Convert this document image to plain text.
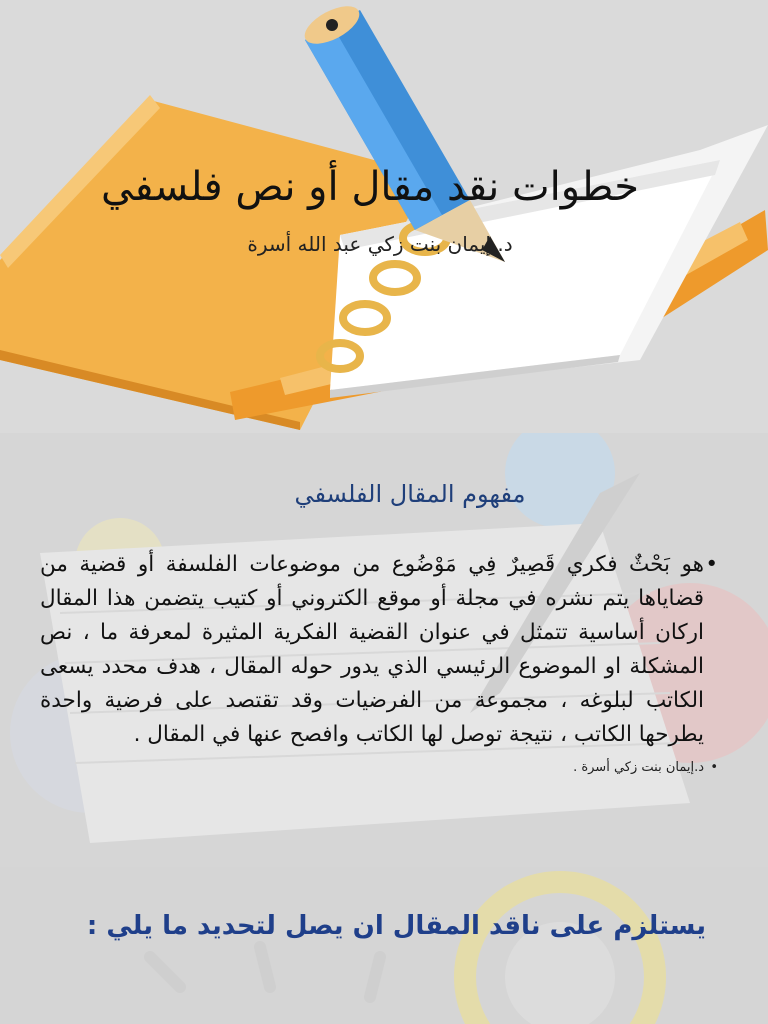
خطوات نقد مقال أو نص فلسفي

د. إيمان بنت زكي عبد الله أسرة

مفهوم المقال الفلسفي
• هو بَحْثٌ فكري قَصِيرٌ فِي مَوْضُوع من موضوعات الفلسفة أو قضية من قضاياها يتم نشره في مجلة أو موقع الكتروني أو كتيب يتضمن هذا المقال اركان أساسية تتمثل في عنوان القضية الفكرية المثيرة لمعرفة ما ، نص المشكلة او الموضوع الرئيسي الذي يدور حوله المقال ، هدف محدد يسعى الكاتب لبلوغه ، مجموعة من الفرضيات وقد تقتصد على فرضية واحدة يطرحها الكاتب ، نتيجة توصل لها الكاتب وافصح عنها في المقال .
• د.إيمان بنت زكي أسرة .
يستلزم على ناقد المقال ان يصل لتحديد ما يلي :
